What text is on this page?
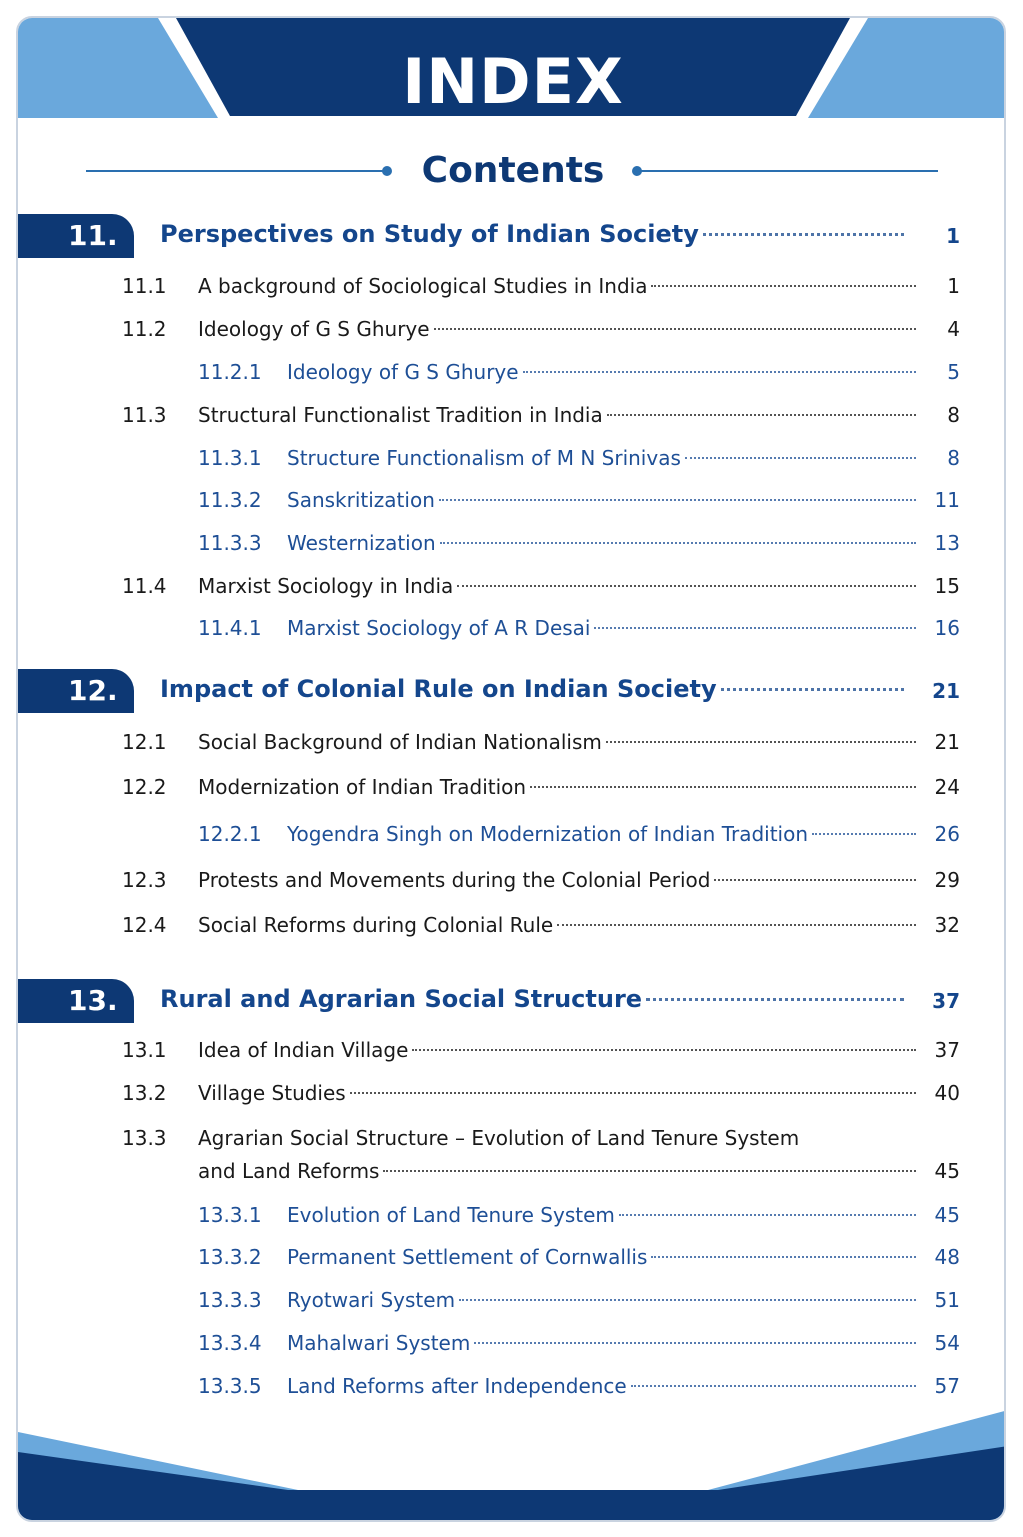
INDEX
Contents
11.	Perspectives on Study of Indian Society	1
11.1 A background of Sociological Studies in India	1
11.2 Ideology of G S Ghurye	4
11.2.1 Ideology of G S Ghurye	5
11.3 Structural Functionalist Tradition in India	8
11.3.1 Structure Functionalism of M N Srinivas	8
11.3.2 Sanskritization	11
11.3.3 Westernization	13
11.4 Marxist Sociology in India	15
11.4.1 Marxist Sociology of A R Desai	16
12.	Impact of Colonial Rule on Indian Society	21
12.1 Social Background of Indian Nationalism	21
12.2 Modernization of Indian Tradition	24
12.2.1 Yogendra Singh on Modernization of Indian Tradition	26
12.3 Protests and Movements during the Colonial Period	29
12.4 Social Reforms during Colonial Rule	32
13.	Rural and Agrarian Social Structure	37
13.1 Idea of Indian Village	37
13.2 Village Studies	40
13.3 Agrarian Social Structure – Evolution of Land Tenure System
and Land Reforms	45
13.3.1 Evolution of Land Tenure System	45
13.3.2 Permanent Settlement of Cornwallis	48
13.3.3 Ryotwari System	51
13.3.4 Mahalwari System	54
13.3.5 Land Reforms after Independence	57
